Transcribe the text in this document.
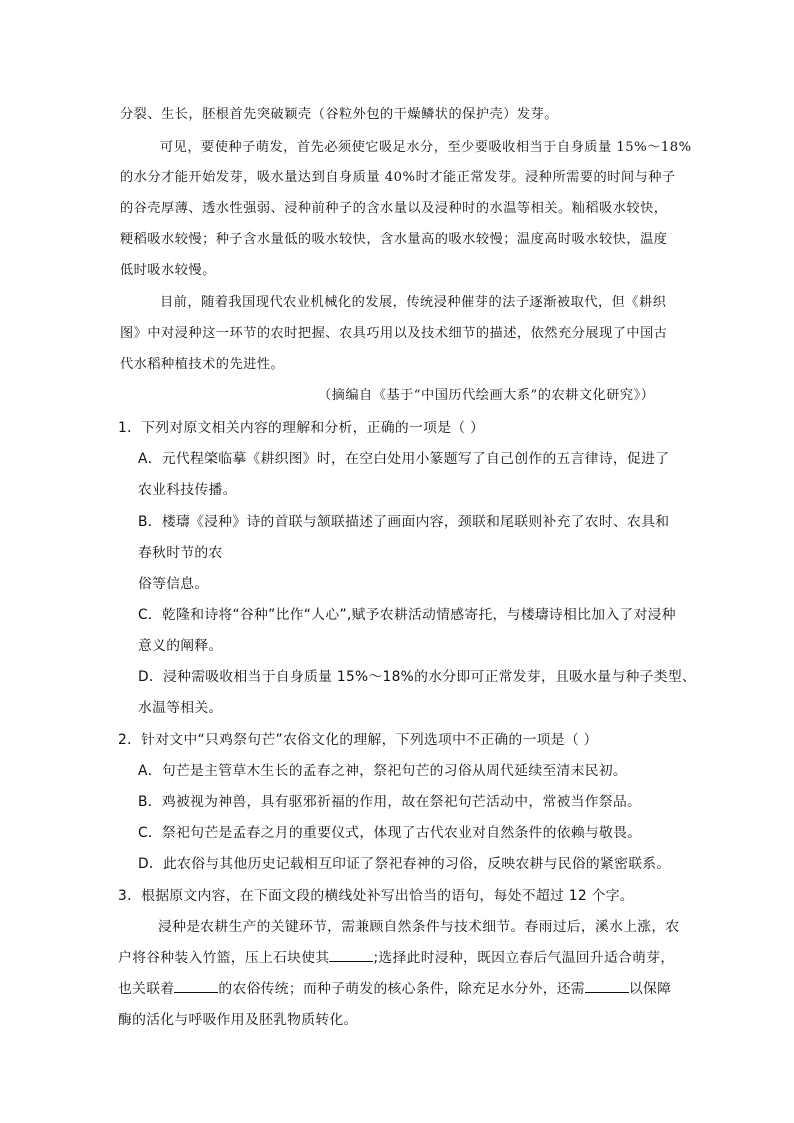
分裂、生长，胚根首先突破颖壳（谷粒外包的干燥鳞状的保护壳）发芽。
可见，要使种子萌发，首先必须使它吸足水分，至少要吸收相当于自身质量 15%～18%
的水分才能开始发芽，吸水量达到自身质量 40%时才能正常发芽。浸种所需要的时间与种子
的谷壳厚薄、透水性强弱、浸种前种子的含水量以及浸种时的水温等相关。籼稻吸水较快，
粳稻吸水较慢；种子含水量低的吸水较快，含水量高的吸水较慢；温度高时吸水较快，温度
低时吸水较慢。
目前，随着我国现代农业机械化的发展，传统浸种催芽的法子逐渐被取代，但《耕织
图》中对浸种这一环节的农时把握、农具巧用以及技术细节的描述，依然充分展现了中国古
代水稻种植技术的先进性。
（摘编自《基于“中国历代绘画大系”的农耕文化研究》）
1．下列对原文相关内容的理解和分析，正确的一项是（ ）
A．元代程棨临摹《耕织图》时，在空白处用小篆题写了自己创作的五言律诗，促进了
农业科技传播。
B．楼璹《浸种》诗的首联与颔联描述了画面内容，颈联和尾联则补充了农时、农具和
春秋时节的农
俗等信息。
C．乾隆和诗将“谷种”比作“人心”,赋予农耕活动情感寄托，与楼璹诗相比加入了对浸种
意义的阐释。
D．浸种需吸收相当于自身质量 15%～18%的水分即可正常发芽，且吸水量与种子类型、
水温等相关。
2．针对文中“只鸡祭句芒”农俗文化的理解，下列选项中不正确的一项是（ ）
A．句芒是主管草木生长的孟春之神，祭祀句芒的习俗从周代延续至清末民初。
B．鸡被视为神兽，具有驱邪祈福的作用，故在祭祀句芒活动中，常被当作祭品。
C．祭祀句芒是孟春之月的重要仪式，体现了古代农业对自然条件的依赖与敬畏。
D．此农俗与其他历史记载相互印证了祭祀春神的习俗，反映农耕与民俗的紧密联系。
3．根据原文内容，在下面文段的横线处补写出恰当的语句，每处不超过 12 个字。
浸种是农耕生产的关键环节，需兼顾自然条件与技术细节。春雨过后，溪水上涨，农
户将谷种装入竹篮，压上石块使其	;选择此时浸种，既因立春后气温回升适合萌芽，
也关联着	的农俗传统；而种子萌发的核心条件，除充足水分外，还需	以保障
酶的活化与呼吸作用及胚乳物质转化。
